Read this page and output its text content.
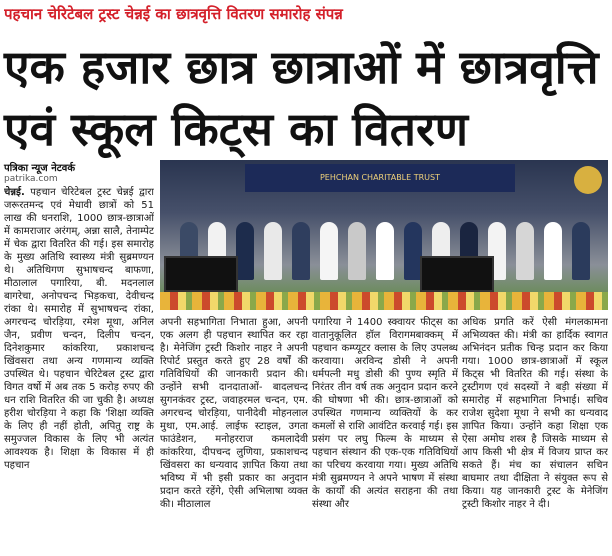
पहचान चेरिटेबल ट्रस्ट चेन्नई का छात्रवृत्ति वितरण समारोह संपन्न
एक हजार छात्र छात्राओं में छात्रवृत्ति
एवं स्कूल किट्स का वितरण
पत्रिका न्यूज नेटवर्क
patrika.com	PEHCHAN CHARITABLE TRUST

चेन्नई. पहचान चेरिटेबल ट्रस्ट चेन्नई द्वारा जरूरतमन्द एवं मेधावी छात्रों को 51 लाख की धनराशि, 1000 छात्र-छात्राओं में कामराजार अरंगम्, अन्ना सालै, तेनाम्पेट में चेक द्वारा वितरित की गई। इस समारोह के मुख्य अतिथि स्वास्थ्य मंत्री सुब्रमण्यन थे। अतिथिगण सुभाषचन्द बाफणा, मीठालाल पगारिया, बी. मदनलाल बागरेचा, अनोपचन्द भिड़कचा, देवीचन्द रांका थे। समारोह में सुभाषचन्द रांका, अगरचन्द चोरड़िया, रमेश मूथा, अनिल जैन, प्रवीण चन्दन, दिलीप चन्दन, दिनेशकुमार कांकरिया, प्रकाशचन्द खिंवसरा तथा अन्य गणमान्य व्यक्ति उपस्थित थे। पहचान चेरिटेबल ट्रस्ट द्वारा विगत वर्षो में अब तक 5 करोड़ रुपए की धन राशि वितरित की जा चुकी है। अध्यक्ष हरीश चोरड़िया ने कहा कि 'शिक्षा व्यक्ति के लिए ही नहीं होती, अपितु राष्ट्र के समुज्जल विकास के लिए भी अत्यंत आवश्यक है। शिक्षा के विकास में ही पहचान

अपनी सहभागिता निभाता हुआ, अपनी एक अलग ही पहचान स्थापित कर रहा है। मेनेजिंग ट्रस्टी किशोर नाहर ने अपनी रिपोर्ट प्रस्तुत करते हुए 28 वर्षों की गतिविधियों की जानकारी प्रदान की। उन्होंने सभी दानदाताओं- बादलचन्द सुगनकंवर ट्रस्ट, जवाहरमल चन्दन, एम. अगरचन्द चोरड़िया, पानीदेवी मोहनलाल मुथा, एम.आई. लाईफ स्टाइल, उगता फाउंडेशन, मनोहरराज कमलादेवी कांकरिया, दीपचन्द लुणिया, प्रकाशचन्द खिंवसरा का धन्यवाद ज्ञापित किया तथा भविष्य में भी इसी प्रकार का अनुदान प्रदान करते रहेंगे, ऐसी अभिलाषा व्यक्त की। मीठालाल

पगारिया ने 1400 स्क्वायर फीट्स का वातानुकूलित हॉल विरागमबाक्कम् में पहचान कम्प्यूटर क्लास के लिए उपलब्ध करवाया। अरविन्द डोसी ने अपनी धर्मपत्नी मधु डोसी की पुण्य स्मृति में निरंतर तीन वर्ष तक अनुदान प्रदान करने की घोषणा भी की। छात्र-छात्राओं को उपस्थित गणमान्य व्यक्तियों के कर कमलों से राशि आवंटित करवाई गई। इस प्रसंग पर लघु फिल्म के माध्यम से पहचान संस्थान की एक-एक गतिविधियों का परिचय करवाया गया। मुख्य अतिथि मंत्री सुब्रमण्यन ने अपने भाषण में संस्था के कार्यों की अत्यंत सराहना की तथा संस्था और

अधिक प्रगति करें ऐसी मंगलकामना अभिव्यक्त की। मंत्री का हार्दिक स्वागत अभिनंदन प्रतीक चिन्ह प्रदान कर किया गया। 1000 छात्र-छात्राओं में स्कूल किट्स भी वितरित की गई। संस्था के ट्रस्टीगण एवं सदस्यों ने बड़ी संख्या में समारोह में सहभागिता निभाई। सचिव राजेश सुदेशा मूथा ने सभी का धन्यवाद ज्ञापित किया। उन्होंने कहा शिक्षा एक ऐसा अमोघ शस्त्र है जिसके माध्यम से आप किसी भी क्षेत्र में विजय प्राप्त कर सकते हैं। मंच का संचालन सचिन बाघमार तथा दीक्षिता ने संयुक्त रूप से किया। यह जानकारी ट्रस्ट के मेनेजिंग ट्रस्टी किशोर नाहर ने दी।
